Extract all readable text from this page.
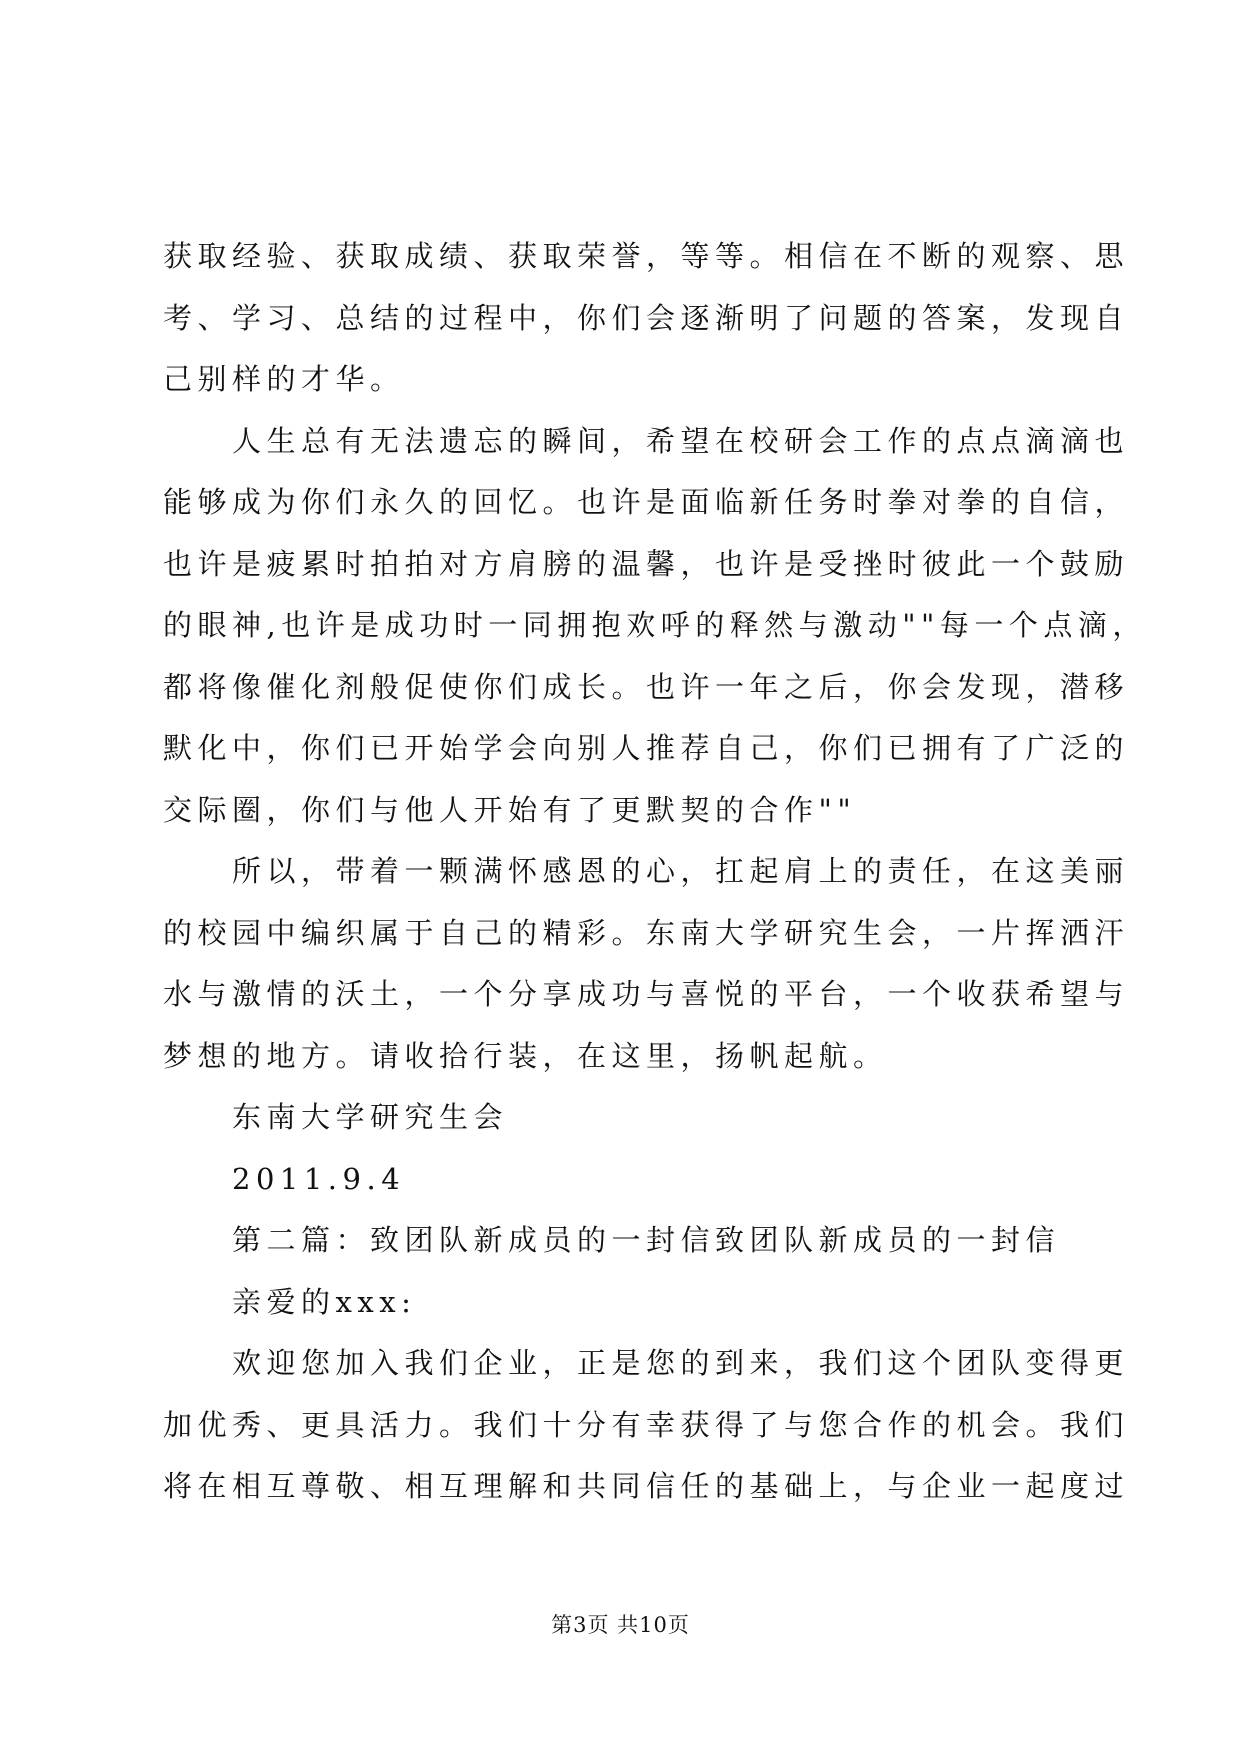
获取经验、获取成绩、获取荣誉，等等。相信在不断的观察、思
考、学习、总结的过程中，你们会逐渐明了问题的答案，发现自
己别样的才华。
人生总有无法遗忘的瞬间，希望在校研会工作的点点滴滴也
能够成为你们永久的回忆。也许是面临新任务时拳对拳的自信，
也许是疲累时拍拍对方肩膀的温馨，也许是受挫时彼此一个鼓励
的眼神,也许是成功时一同拥抱欢呼的释然与激动""每一个点滴，
都将像催化剂般促使你们成长。也许一年之后，你会发现，潜移
默化中，你们已开始学会向别人推荐自己，你们已拥有了广泛的
交际圈，你们与他人开始有了更默契的合作""
所以，带着一颗满怀感恩的心，扛起肩上的责任，在这美丽
的校园中编织属于自己的精彩。东南大学研究生会，一片挥洒汗
水与激情的沃土，一个分享成功与喜悦的平台，一个收获希望与
梦想的地方。请收拾行装，在这里，扬帆起航。
东南大学研究生会
2011.9.4
第二篇：致团队新成员的一封信致团队新成员的一封信
亲爱的xxx:
欢迎您加入我们企业，正是您的到来，我们这个团队变得更
加优秀、更具活力。我们十分有幸获得了与您合作的机会。我们
将在相互尊敬、相互理解和共同信任的基础上，与企业一起度过
第3页 共10页
